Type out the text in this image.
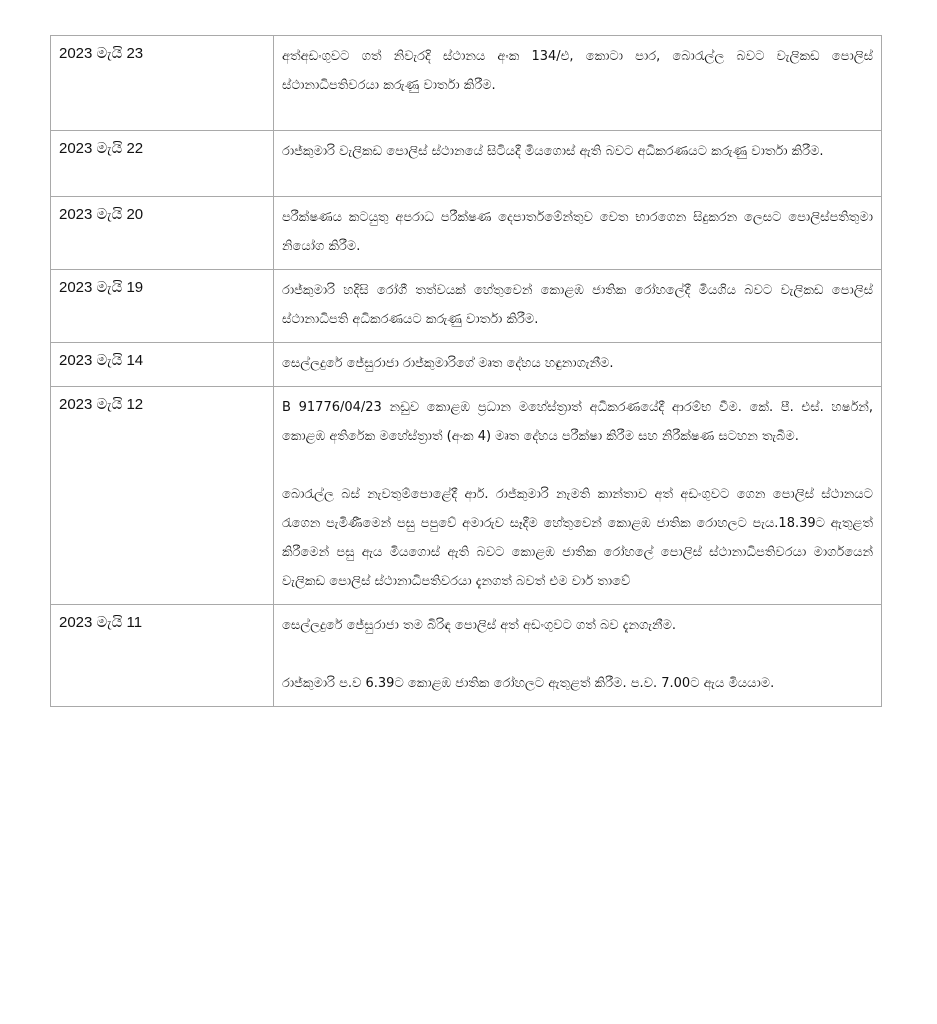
2023 මැයි 23	අත්අඩංගුවට ගත් නිවැරදි ස්ථානය අංක 134/එ, කොටා පාර, බොරැල්ල බවට වැලිකඩ පොලිස් ස්ථානාධිපතිවරයා කරුණු වාර්තා කිරීම.

2023 මැයි 22	රාජ්කුමාරි වැලිකඩ පොලිස් ස්ථානයේ සිටියදී මියගොස් ඇති බවට අධිකරණයට කරුණු වාර්තා කිරීම.

2023 මැයි 20	පරීක්ෂණය කටයුතු අපරාධ පරීක්ෂණ දෙපාර්තමේන්තුව වෙත භාරගෙන සිදුකරන ලෙසට පොලිස්පතිතුමා නියෝග කිරීම.

2023 මැයි 19	රාජ්කුමාරි හදිසි රෝගී තත්වයක් හේතුවෙන් කොළඹ ජාතික රෝහලේදී මියගිය බවට වැලිකඩ පොලිස් ස්ථානාධිපති අධිකරණයට කරුණු වාර්තා කිරීම.

2023 මැයි 14	සෙල්ලදුරේ ජේසුරාජා රාජ්කුමාරිගේ මෘත දේහය හඳුනාගැනීම.

2023 මැයි 12	B 91776/04/23 නඩුව කොළඹ ප්‍රධාන මහේස්ත්‍රාත් අධිකරණයේදී ආරම්භ වීම. කේ. පී. එස්. හර්ෂන්, කොළඹ අතිරේක මහේස්ත්‍රාත් (අංක 4) මෘත දේහය පරීක්ෂා කිරීම සහ නිරීක්ෂණ සටහන තැබීම.
බොරැල්ල බස් නැවතුම්පොළේදී ආර්. රාජ්කුමාරි නැමති කාන්තාව අත් අඩංගුවට ගෙන පොලිස් ස්ථානයට රැගෙන පැමිණීමෙන් පසු පපුවේ අමාරුව සෑදීම හේතුවෙන් කොළඹ ජාතික රොහලට පැය.18.39ට ඇතුළත් කිරීමෙන් පසු ඇය මියගොස් ඇති බවට කොළඹ ජාතික රෝහලේ පොලිස් ස්ථානාධිපතිවරයා මාර්ගයෙන් වැලිකඩ පොලිස් ස්ථානාධිපතිවරයා දැනගත් බවත් එම වාර් තාවේ

2023 මැයි 11	සෙල්ලදුරේ ජේසුරාජා තම බිරිඳ පොලිස් අත් අඩංගුවට ගත් බව දැනගැනීම.
රාජ්කුමාරි ප.ව 6.39ට කොළඹ ජාතික රෝහලට ඇතුළත් කිරීම. ප.ව. 7.00ට ඇය මියයාම.
